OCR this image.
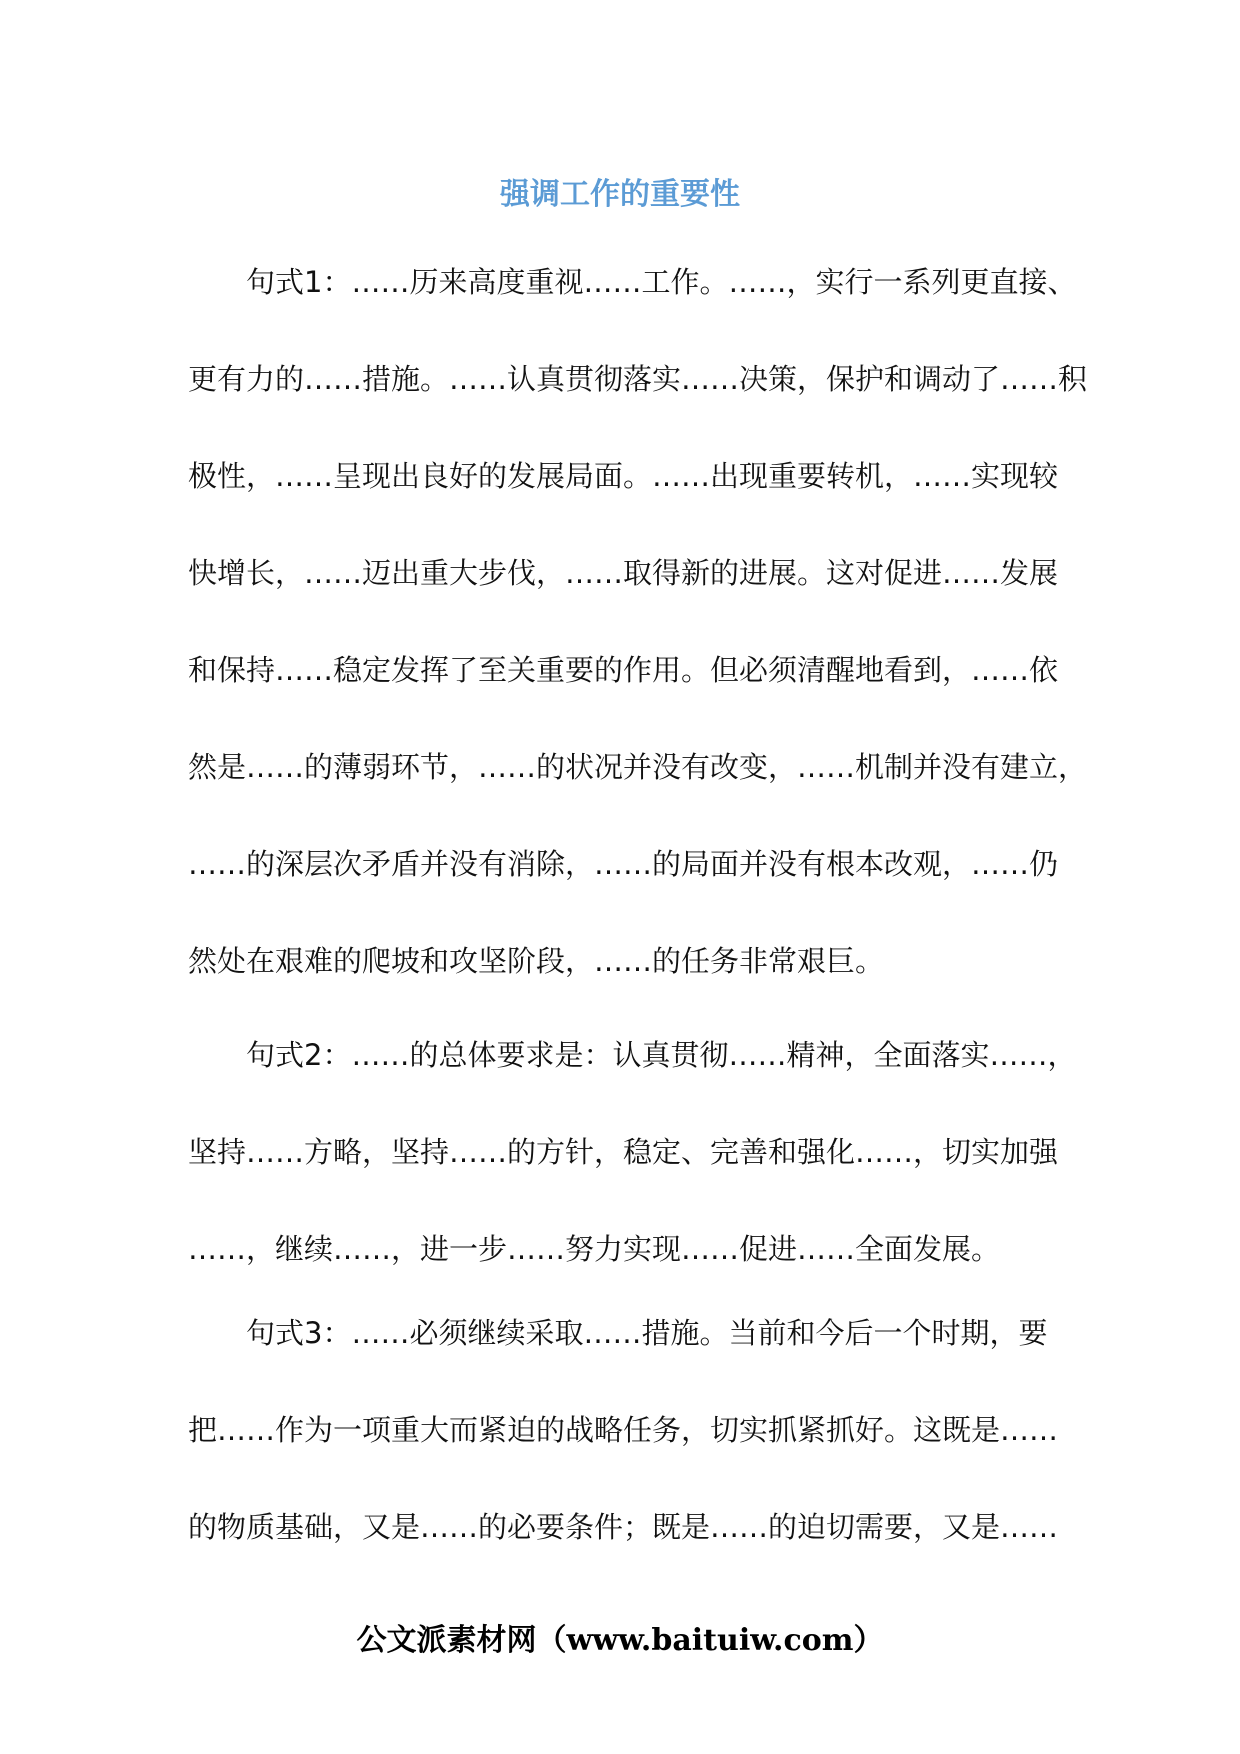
强调工作的重要性
句式1：……历来高度重视……工作。……，实行一系列更直接、
更有力的……措施。……认真贯彻落实……决策，保护和调动了……积
极性，……呈现出良好的发展局面。……出现重要转机，……实现较
快增长，……迈出重大步伐，……取得新的进展。这对促进……发展
和保持……稳定发挥了至关重要的作用。但必须清醒地看到，……依
然是……的薄弱环节，……的状况并没有改变，……机制并没有建立，
……的深层次矛盾并没有消除，……的局面并没有根本改观，……仍
然处在艰难的爬坡和攻坚阶段，……的任务非常艰巨。
句式2：……的总体要求是：认真贯彻……精神，全面落实……，
坚持……方略，坚持……的方针，稳定、完善和强化……，切实加强
……，继续……，进一步……努力实现……促进……全面发展。
句式3：……必须继续采取……措施。当前和今后一个时期，要
把……作为一项重大而紧迫的战略任务，切实抓紧抓好。这既是……
的物质基础，又是……的必要条件；既是……的迫切需要，又是……
公文派素材网（www.baituiw.com）
